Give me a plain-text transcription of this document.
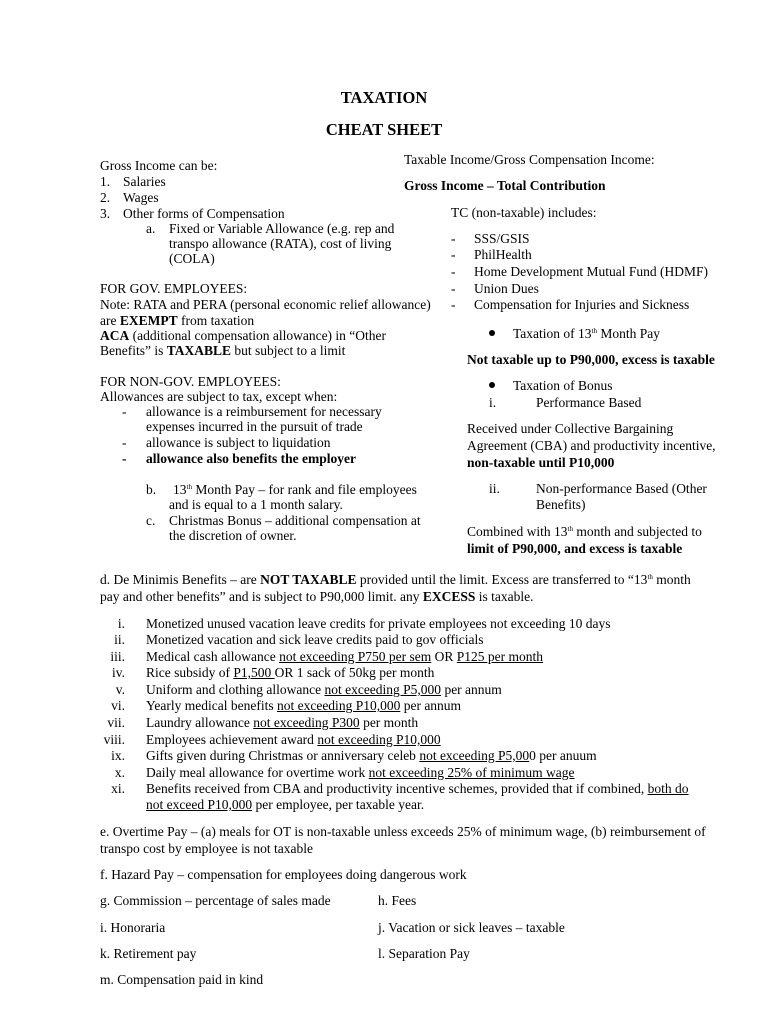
TAXATION
CHEAT SHEET
Gross Income can be:
1. Salaries
2. Wages
3. Other forms of Compensation
a. Fixed or Variable Allowance (e.g. rep and
transpo allowance (RATA), cost of living
(COLA)
FOR GOV. EMPLOYEES:
Note: RATA and PERA (personal economic relief allowance)
are EXEMPT from taxation
ACA (additional compensation allowance) in “Other
Benefits” is TAXABLE but subject to a limit
FOR NON-GOV. EMPLOYEES:
Allowances are subject to tax, except when:
- allowance is a reimbursement for necessary
expenses incurred in the pursuit of trade
- allowance is subject to liquidation
- allowance also benefits the employer
b. 13th Month Pay – for rank and file employees
and is equal to a 1 month salary.
c. Christmas Bonus – additional compensation at
the discretion of owner.
Taxable Income/Gross Compensation Income:
Gross Income – Total Contribution
TC (non-taxable) includes:
- SSS/GSIS
- PhilHealth
- Home Development Mutual Fund (HDMF)
- Union Dues
- Compensation for Injuries and Sickness
Taxation of 13th Month Pay
Not taxable up to P90,000, excess is taxable
Taxation of Bonus
i.	Performance Based
Received under Collective Bargaining
Agreement (CBA) and productivity incentive,
non-taxable until P10,000
ii.	Non-performance Based (Other
Benefits)
Combined with 13th month and subjected to
limit of P90,000, and excess is taxable
d. De Minimis Benefits – are NOT TAXABLE provided until the limit. Excess are transferred to “13th month
pay and other benefits” and is subject to P90,000 limit. any EXCESS is taxable.
i. Monetized unused vacation leave credits for private employees not exceeding 10 days
ii. Monetized vacation and sick leave credits paid to gov officials
iii. Medical cash allowance not exceeding P750 per sem OR P125 per month
iv. Rice subsidy of P1,500 OR 1 sack of 50kg per month
v. Uniform and clothing allowance not exceeding P5,000 per annum
vi. Yearly medical benefits not exceeding P10,000 per annum
vii. Laundry allowance not exceeding P300 per month
viii. Employees achievement award not exceeding P10,000
ix. Gifts given during Christmas or anniversary celeb not exceeding P5,000 per anuum
x. Daily meal allowance for overtime work not exceeding 25% of minimum wage
xi. Benefits received from CBA and productivity incentive schemes, provided that if combined, both do
not exceed P10,000 per employee, per taxable year.
e. Overtime Pay – (a) meals for OT is non-taxable unless exceeds 25% of minimum wage, (b) reimbursement of
transpo cost by employee is not taxable
f. Hazard Pay – compensation for employees doing dangerous work
g. Commission – percentage of sales made	h. Fees
i. Honoraria	j. Vacation or sick leaves – taxable
k. Retirement pay	l. Separation Pay
m. Compensation paid in kind
